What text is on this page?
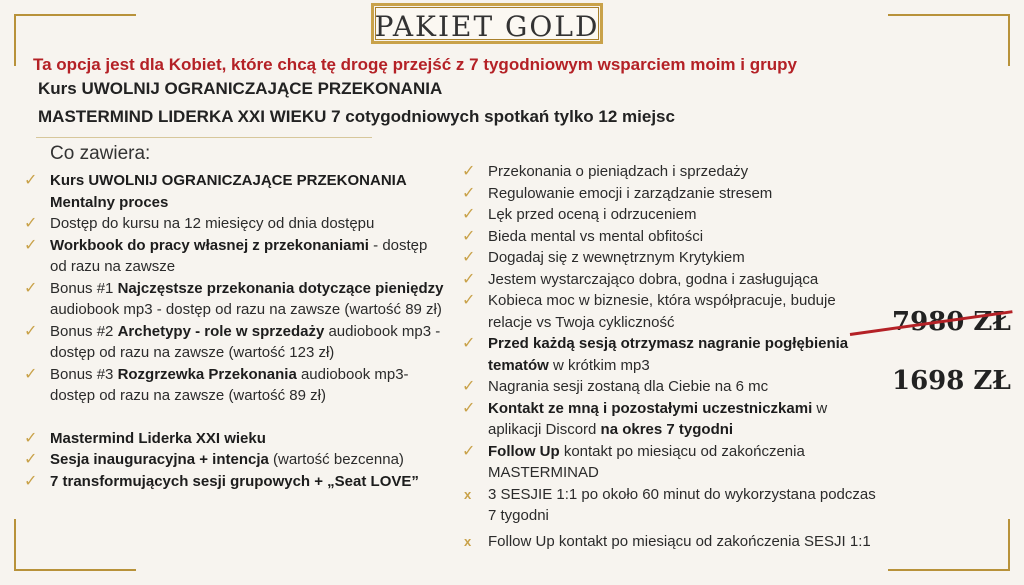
PAKIET GOLD
Ta opcja jest dla Kobiet, które chcą tę drogę przejść z 7 tygodniowym wsparciem moim i grupy
Kurs UWOLNIJ OGRANICZAJĄCE PRZEKONANIA
MASTERMIND LIDERKA XXI WIEKU 7 cotygodniowych spotkań tylko 12 miejsc
Co zawiera:
✓ Kurs UWOLNIJ OGRANICZAJĄCE PRZEKONANIA
Mentalny proces
✓ Dostęp do kursu na 12 miesięcy od dnia dostępu
✓ Workbook do pracy własnej z przekonaniami - dostęp od razu na zawsze
✓ Bonus #1 Najczęstsze przekonania dotyczące pieniędzy audiobook mp3 - dostęp od razu na zawsze (wartość 89 zł)
✓ Bonus #2 Archetypy - role w sprzedaży audiobook mp3 - dostęp od razu na zawsze (wartość 123 zł)
✓ Bonus #3 Rozgrzewka Przekonania audiobook mp3- dostęp od razu na zawsze (wartość 89 zł)
✓ Mastermind Liderka XXI wieku
✓ Sesja inauguracyjna + intencja (wartość bezcenna)
✓ 7 transformujących sesji grupowych + „Seat LOVE”
✓ Przekonania o pieniądzach i sprzedaży
✓ Regulowanie emocji i zarządzanie stresem
✓ Lęk przed oceną i odrzuceniem
✓ Bieda mental vs mental obfitości
✓ Dogadaj się z wewnętrznym Krytykiem
✓ Jestem wystarczająco dobra, godna i zasługująca
✓ Kobieca moc w biznesie, która współpracuje, buduje relacje vs Twoja cykliczność
✓ Przed każdą sesją otrzymasz nagranie pogłębienia tematów w krótkim mp3
✓ Nagrania sesji zostaną dla Ciebie na 6 mc
✓ Kontakt ze mną i pozostałymi uczestniczkami w aplikacji Discord na okres 7 tygodni
✓ Follow Up kontakt po miesiącu od zakończenia MASTERMINAD
x 3 SESJIE 1:1 po około 60 minut do wykorzystana podczas 7 tygodni
x Follow Up kontakt po miesiącu od zakończenia SESJI 1:1
7980 ZŁ
1698 ZŁ
